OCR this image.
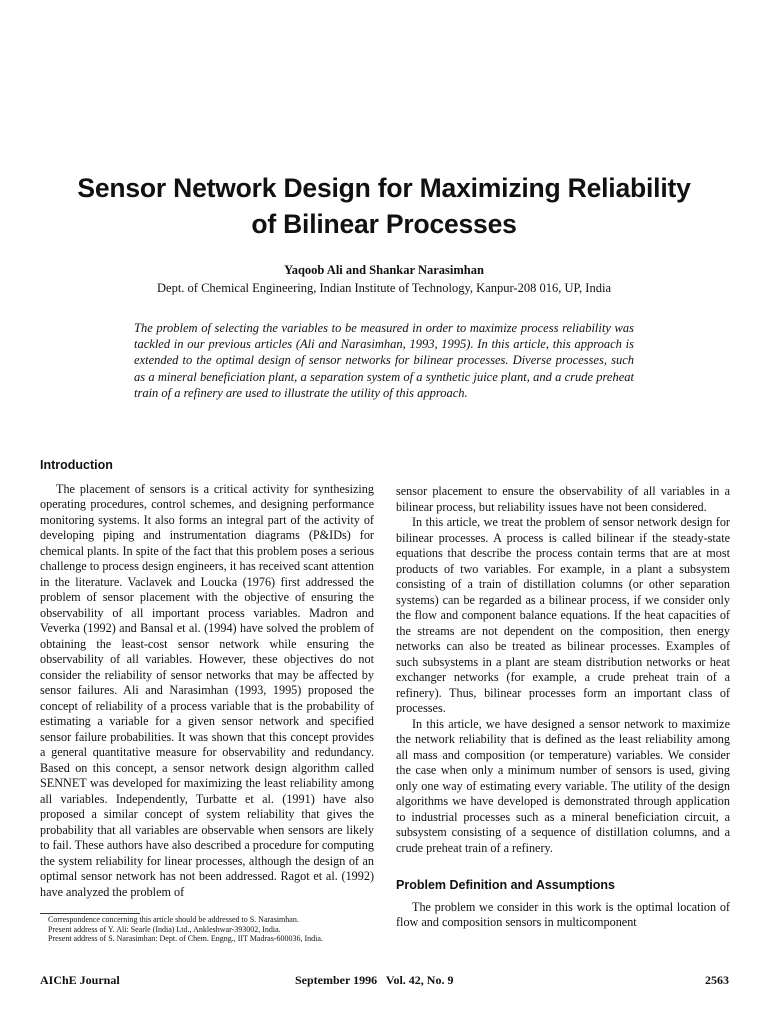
Sensor Network Design for Maximizing Reliability
of Bilinear Processes
Yaqoob Ali and Shankar Narasimhan
Dept. of Chemical Engineering, Indian Institute of Technology, Kanpur-208 016, UP, India
The problem of selecting the variables to be measured in order to maximize process reliability was tackled in our previous articles (Ali and Narasimhan, 1993, 1995). In this article, this approach is extended to the optimal design of sensor networks for bilinear processes. Diverse processes, such as a mineral beneficiation plant, a separation system of a synthetic juice plant, and a crude preheat train of a refinery are used to illustrate the utility of this approach.
Introduction

The placement of sensors is a critical activity for synthesizing operating procedures, control schemes, and designing performance monitoring systems. It also forms an integral part of the activity of developing piping and instrumentation diagrams (P&IDs) for chemical plants. In spite of the fact that this problem poses a serious challenge to process design engineers, it has received scant attention in the literature. Vaclavek and Loucka (1976) first addressed the problem of sensor placement with the objective of ensuring the observability of all important process variables. Madron and Veverka (1992) and Bansal et al. (1994) have solved the problem of obtaining the least-cost sensor network while ensuring the observability of all variables. However, these objectives do not consider the reliability of sensor networks that may be affected by sensor failures. Ali and Narasimhan (1993, 1995) proposed the concept of reliability of a process variable that is the probability of estimating a variable for a given sensor network and specified sensor failure probabilities. It was shown that this concept provides a general quantitative measure for observability and redundancy. Based on this concept, a sensor network design algorithm called SENNET was developed for maximizing the least reliability among all variables. Independently, Turbatte et al. (1991) have also proposed a similar concept of system reliability that gives the probability that all variables are observable when sensors are likely to fail. These authors have also described a procedure for computing the system reliability for linear processes, although the design of an optimal sensor network has not been addressed. Ragot et al. (1992) have analyzed the problem of

sensor placement to ensure the observability of all variables in a bilinear process, but reliability issues have not been considered.

In this article, we treat the problem of sensor network design for bilinear processes. A process is called bilinear if the steady-state equations that describe the process contain terms that are at most products of two variables. For example, in a plant a subsystem consisting of a train of distillation columns (or other separation systems) can be regarded as a bilinear process, if we consider only the flow and component balance equations. If the heat capacities of the streams are not dependent on the composition, then energy networks can also be treated as bilinear processes. Examples of such subsystems in a plant are steam distribution networks or heat exchanger networks (for example, a crude preheat train of a refinery). Thus, bilinear processes form an important class of processes.

In this article, we have designed a sensor network to maximize the network reliability that is defined as the least reliability among all mass and composition (or temperature) variables. We consider the case when only a minimum number of sensors is used, giving only one way of estimating every variable. The utility of the design algorithms we have developed is demonstrated through application to industrial processes such as a mineral beneficiation circuit, a subsystem consisting of a sequence of distillation columns, and a crude preheat train of a refinery.

Problem Definition and Assumptions

The problem we consider in this work is the optimal location of flow and composition sensors in multicomponent

Correspondence concerning this article should be addressed to S. Narasimhan.
Present address of Y. Ali: Searle (India) Ltd., Ankleshwar-393002, India.
Present address of S. Narasimhan: Dept. of Chem. Engng., IIT Madras-600036, India.
AIChE Journal	September 1996   Vol. 42, No. 9	2563
